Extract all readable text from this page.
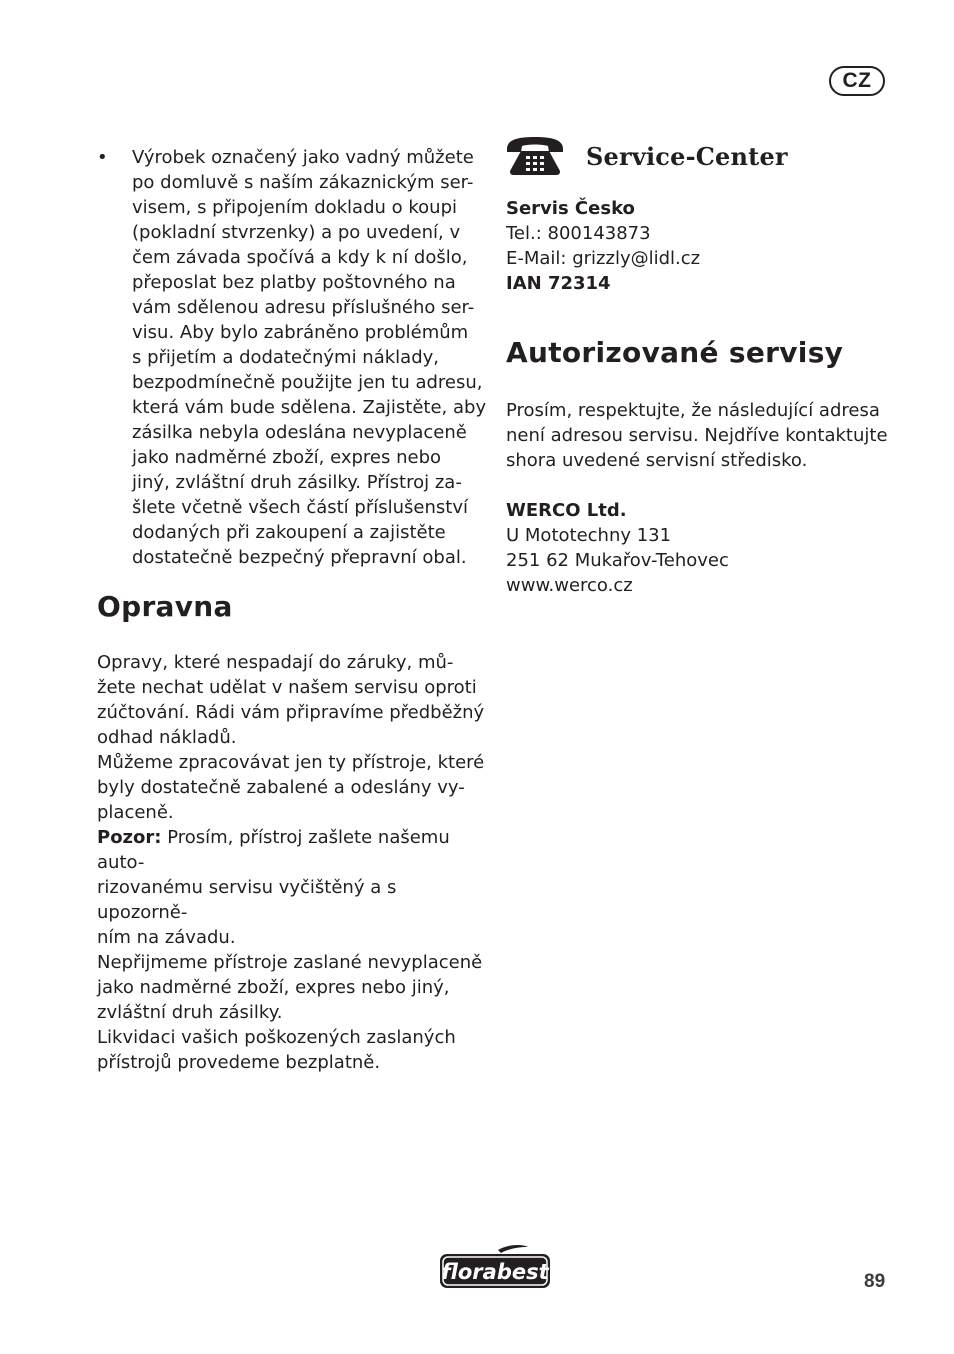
CZ
• Výrobek označený jako vadný můžete
po domluvě s naším zákaznickým ser-
visem, s připojením dokladu o koupi
(pokladní stvrzenky) a po uvedení, v
čem závada spočívá a kdy k ní došlo,
přeposlat bez platby poštovného na
vám sdělenou adresu příslušného ser-
visu. Aby bylo zabráněno problémům
s přijetím a dodatečnými náklady,
bezpodmínečně použijte jen tu adresu,
která vám bude sdělena. Zajistěte, aby
zásilka nebyla odeslána nevyplaceně
jako nadměrné zboží, expres nebo
jiný, zvláštní druh zásilky. Přístroj za-
šlete včetně všech částí příslušenství
dodaných při zakoupení a zajistěte
dostatečně bezpečný přepravní obal.
Opravna

Opravy, které nespadají do záruky, mů-
žete nechat udělat v našem servisu oproti
zúčtování. Rádi vám připravíme předběžný
odhad nákladů.
Můžeme zpracovávat jen ty přístroje, které
byly dostatečně zabalené a odeslány vy-
placeně.
Pozor: Prosím, přístroj zašlete našemu auto-
rizovanému servisu vyčištěný a s upozorně-
ním na závadu.
Nepřijmeme přístroje zaslané nevyplaceně
jako nadměrné zboží, expres nebo jiný,
zvláštní druh zásilky.
Likvidaci vašich poškozených zaslaných
přístrojů provedeme bezplatně.

Service-Center

Servis Česko
Tel.: 800143873
E-Mail: grizzly@lidl.cz
IAN 72314

Autorizované servisy

Prosím, respektujte, že následující adresa
není adresou servisu. Nejdříve kontaktujte
shora uvedené servisní středisko.

WERCO Ltd.
U Mototechny 131
251 62 Mukařov-Tehovec
www.werco.cz

florabest	89
